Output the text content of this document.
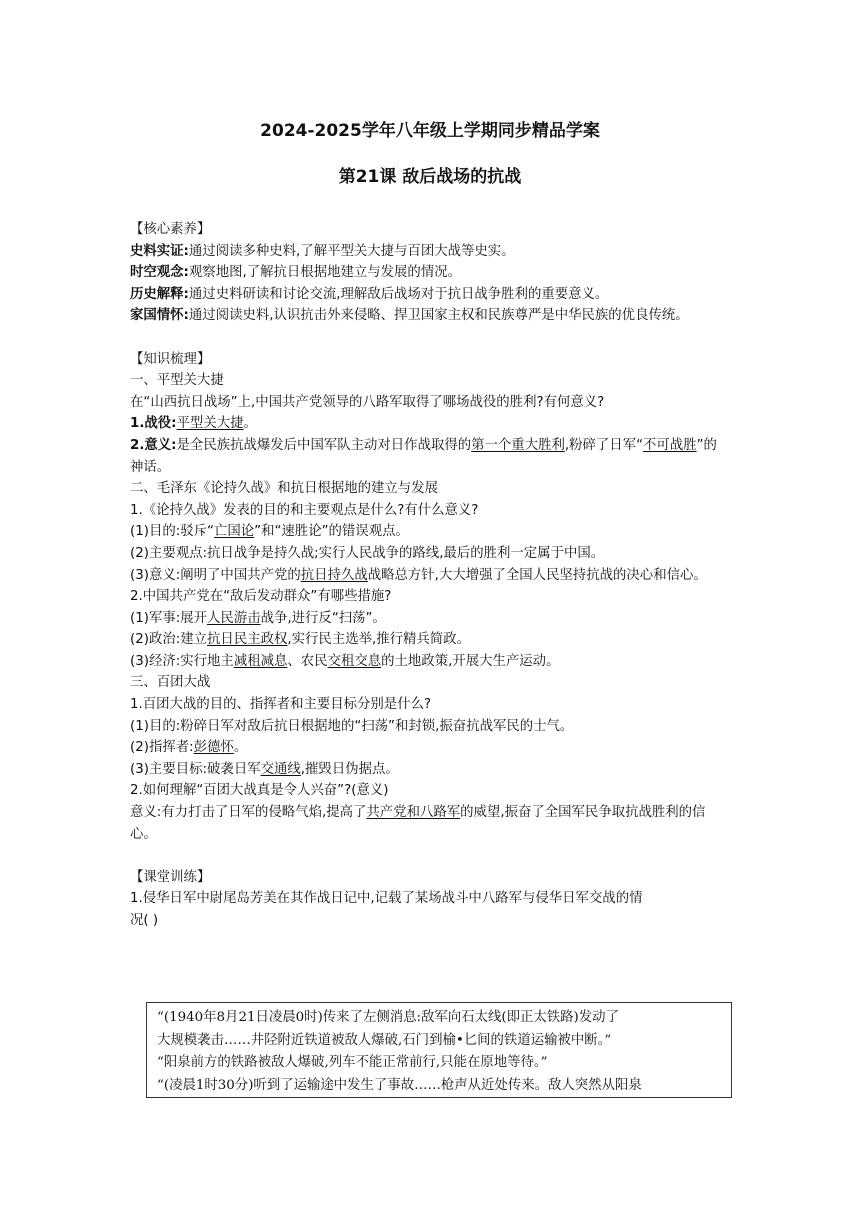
2024-2025学年八年级上学期同步精品学案
第21课 敌后战场的抗战

【核心素养】

史料实证:通过阅读多种史料,了解平型关大捷与百团大战等史实。

时空观念:观察地图,了解抗日根据地建立与发展的情况。

历史解释:通过史料研读和讨论交流,理解敌后战场对于抗日战争胜利的重要意义。

家国情怀:通过阅读史料,认识抗击外来侵略、捍卫国家主权和民族尊严是中华民族的优良传统。

【知识梳理】

一、平型关大捷

在“山西抗日战场”上,中国共产党领导的八路军取得了哪场战役的胜利?有何意义?

1.战役:平型关大捷。

2.意义:是全民族抗战爆发后中国军队主动对日作战取得的第一个重大胜利,粉碎了日军“不可战胜”的神话。

二、毛泽东《论持久战》和抗日根据地的建立与发展

1.《论持久战》发表的目的和主要观点是什么?有什么意义?

(1)目的:驳斥“亡国论”和“速胜论”的错误观点。

(2)主要观点:抗日战争是持久战;实行人民战争的路线,最后的胜利一定属于中国。

(3)意义:阐明了中国共产党的抗日持久战战略总方针,大大增强了全国人民坚持抗战的决心和信心。

2.中国共产党在“敌后发动群众”有哪些措施?

(1)军事:展开人民游击战争,进行反“扫荡”。

(2)政治:建立抗日民主政权,实行民主选举,推行精兵简政。

(3)经济:实行地主减租减息、农民交租交息的土地政策,开展大生产运动。

三、百团大战

1.百团大战的目的、指挥者和主要目标分别是什么?

(1)目的:粉碎日军对敌后抗日根据地的“扫荡”和封锁,振奋抗战军民的士气。

(2)指挥者:彭德怀。

(3)主要目标:破袭日军交通线,摧毁日伪据点。

2.如何理解“百团大战真是令人兴奋”?(意义)

意义:有力打击了日军的侵略气焰,提高了共产党和八路军的威望,振奋了全国军民争取抗战胜利的信心。

【课堂训练】

1.侵华日军中尉尾岛芳美在其作战日记中,记载了某场战斗中八路军与侵华日军交战的情

况( )

“(1940年8月21日凌晨0时)传来了左侧消息:敌军向石太线(即正太铁路)发动了

大规模袭击……井陉附近铁道被敌人爆破,石门到榆•匕间的铁道运输被中断。”

“阳泉前方的铁路被敌人爆破,列车不能正常前行,只能在原地等待。”

“(凌晨1时30分)听到了运输途中发生了事故……枪声从近处传来。敌人突然从阳泉
